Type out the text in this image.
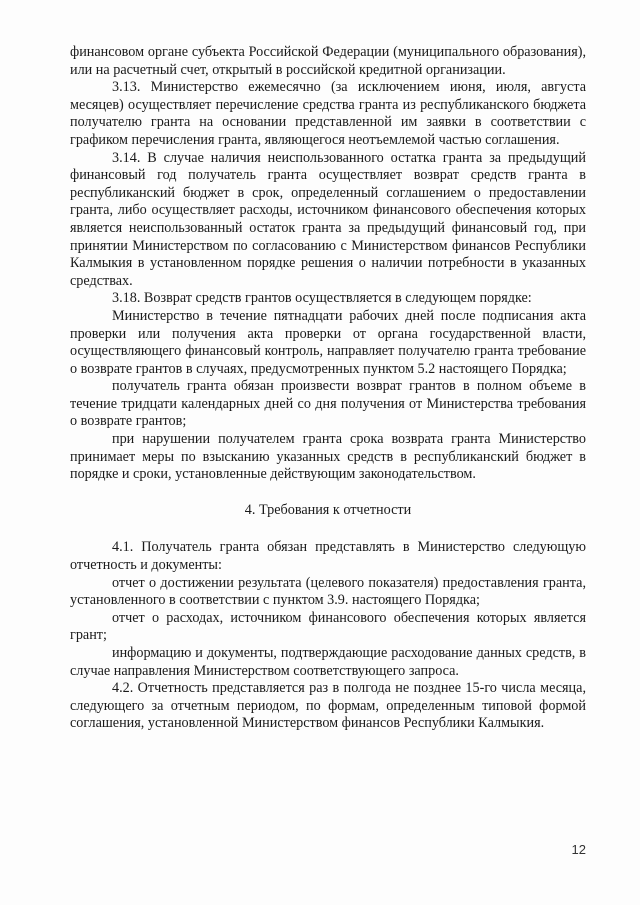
финансовом органе субъекта Российской Федерации (муниципального образования), или на расчетный счет, открытый в российской кредитной организации.

3.13. Министерство ежемесячно (за исключением июня, июля, августа месяцев) осуществляет перечисление средства гранта из республиканского бюджета получателю гранта на основании представленной им заявки в соответствии с графиком перечисления гранта, являющегося неотъемлемой частью соглашения.

3.14. В случае наличия неиспользованного остатка гранта за предыдущий финансовый год получатель гранта осуществляет возврат средств гранта в республиканский бюджет в срок, определенный соглашением о предоставлении гранта, либо осуществляет расходы, источником финансового обеспечения которых является неиспользованный остаток гранта за предыдущий финансовый год, при принятии Министерством по согласованию с Министерством финансов Республики Калмыкия в установленном порядке решения о наличии потребности в указанных средствах.

3.18. Возврат средств грантов осуществляется в следующем порядке:

Министерство в течение пятнадцати рабочих дней после подписания акта проверки или получения акта проверки от органа государственной власти, осуществляющего финансовый контроль, направляет получателю гранта требование о возврате грантов в случаях, предусмотренных пунктом 5.2 настоящего Порядка;

получатель гранта обязан произвести возврат грантов в полном объеме в течение тридцати календарных дней со дня получения от Министерства требования о возврате грантов;

при нарушении получателем гранта срока возврата гранта Министерство принимает меры по взысканию указанных средств в республиканский бюджет в порядке и сроки, установленные действующим законодательством.

4. Требования к отчетности

4.1. Получатель гранта обязан представлять в Министерство следующую отчетность и документы:

отчет о достижении результата (целевого показателя) предоставления гранта, установленного в соответствии с пунктом 3.9. настоящего Порядка;

отчет о расходах, источником финансового обеспечения которых является грант;

информацию и документы, подтверждающие расходование данных средств, в случае направления Министерством соответствующего запроса.

4.2. Отчетность представляется раз в полгода не позднее 15-го числа месяца, следующего за отчетным периодом, по формам, определенным типовой формой соглашения, установленной Министерством финансов Республики Калмыкия.

12
